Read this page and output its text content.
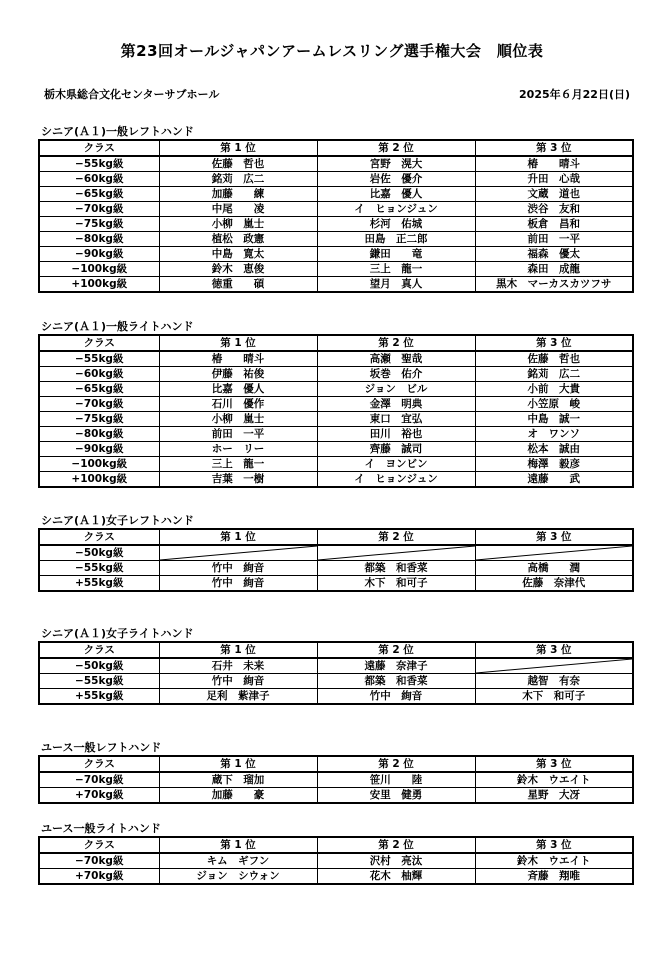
第23回オールジャパンアームレスリング選手権大会　順位表
栃木県総合文化センターサブホール	2025年６月22日(日)
シニア(Ａ１)一般レフトハンド
クラス	第 1 位	第 2 位	第 3 位
−55kg級	佐藤　哲也	宮野　滉大	椿　　晴斗
−60kg級	銘苅　広二	岩佐　優介	升田　心哉
−65kg級	加藤　　練	比嘉　優人	文蔵　道也
−70kg級	中尾　　凌	イ　ヒョンジュン	渋谷　友和
−75kg級	小柳　嵐士	杉河　佑城	板倉　昌和
−80kg級	植松　政憲	田島　正二郎	前田　一平
−90kg級	中島　寛太	鎌田　　竜	福森　優太
−100kg級	鈴木　恵俊	三上　龍一	森田　成龍
+100kg級	徳重　　碩	望月　真人	黒木　マーカスカツフサ
シニア(Ａ１)一般ライトハンド
クラス	第 1 位	第 2 位	第 3 位
−55kg級	椿　　晴斗	高瀬　聖哉	佐藤　哲也
−60kg級	伊藤　祐俊	坂巻　佑介	銘苅　広二
−65kg級	比嘉　優人	ジョン　ビル	小前　大貴
−70kg級	石川　優作	金澤　明典	小笠原　峻
−75kg級	小柳　嵐士	東口　宜弘	中島　誠一
−80kg級	前田　一平	田川　裕也	オ　ワンソ
−90kg級	ホー　リー	齊藤　誠司	松本　誠由
−100kg級	三上　龍一	イ　ヨンビン	梅澤　毅彦
+100kg級	吉葉　一樹	イ　ヒョンジュン	遠藤　　武
シニア(Ａ１)女子レフトハンド
クラス	第 1 位	第 2 位	第 3 位
−50kg級	

−55kg級	竹中　絢音	都築　和香菜	高橋　　潤
+55kg級	竹中　絢音	木下　和可子	佐藤　奈津代
シニア(Ａ１)女子ライトハンド
クラス	第 1 位	第 2 位	第 3 位
−50kg級	石井　未来	遠藤　奈津子	

−55kg級	竹中　絢音	都築　和香菜	越智　有奈
+55kg級	足利　紫津子	竹中　絢音	木下　和可子
ユース一般レフトハンド
クラス	第 1 位	第 2 位	第 3 位
−70kg級	蔵下　瑠加	笹川　　陸	鈴木　ウエイト
+70kg級	加藤　　豪	安里　健勇	星野　大冴
ユース一般ライトハンド
クラス	第 1 位	第 2 位	第 3 位
−70kg級	キム　ギフン	沢村　亮汰	鈴木　ウエイト
+70kg級	ジョン　シウォン	花木　柚輝	斉藤　翔唯
